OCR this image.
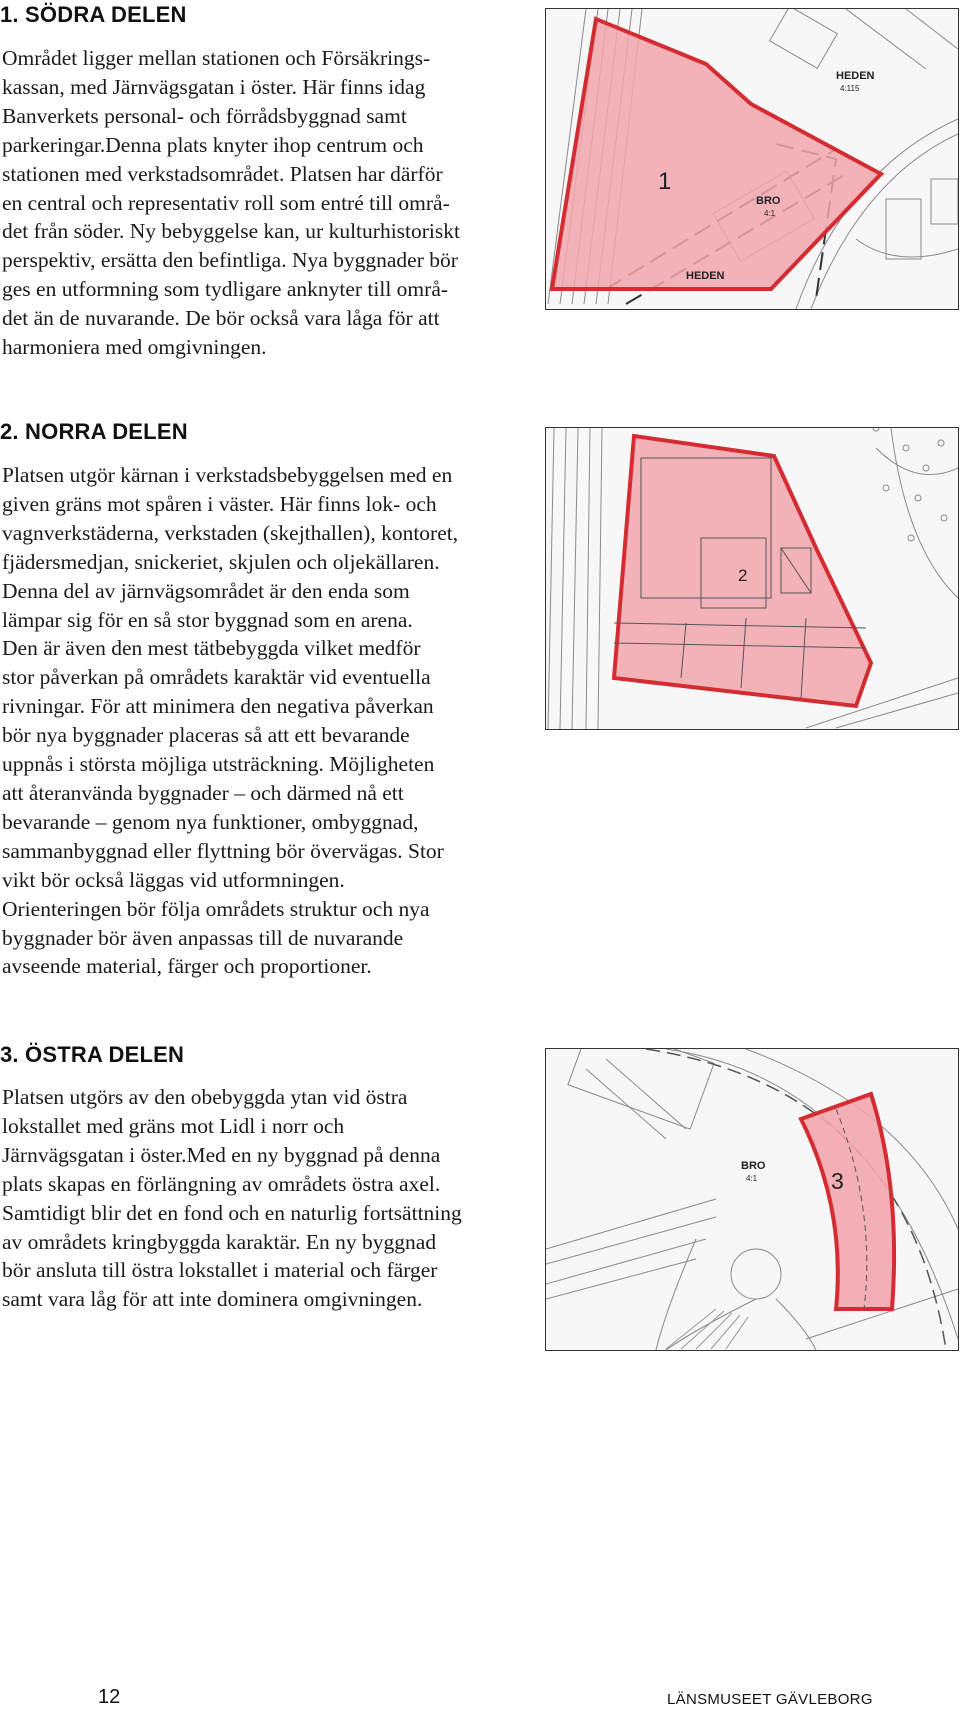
1. SÖDRA DELEN
Området ligger mellan stationen och Försäkrings-
kassan, med Järnvägsgatan i öster. Här finns idag
Banverkets personal- och förrådsbyggnad samt
parkeringar.Denna plats knyter ihop centrum och
stationen med verkstadsområdet. Platsen har därför
en central och representativ roll som entré till områ-
det från söder. Ny bebyggelse kan, ur kulturhistoriskt
perspektiv, ersätta den befintliga. Nya byggnader bör
ges en utformning som tydligare anknyter till områ-
det än de nuvarande. De bör också vara låga för att
harmoniera med omgivningen.
1
HEDEN
4:115
BRO
4:1
HEDEN
2. NORRA DELEN
Platsen utgör kärnan i verkstadsbebyggelsen med en
given gräns mot spåren i väster. Här finns lok- och
vagnverkstäderna, verkstaden (skejthallen), kontoret,
fjädersmedjan, snickeriet, skjulen och oljekällaren.
Denna del av järnvägsområdet är den enda som
lämpar sig för en så stor byggnad som en arena.
Den är även den mest tätbebyggda vilket medför
stor påverkan på områdets karaktär vid eventuella
rivningar. För att minimera den negativa påverkan
bör nya byggnader placeras så att ett bevarande
uppnås i största möjliga utsträckning. Möjligheten
att återanvända byggnader – och därmed nå ett
bevarande – genom nya funktioner, ombyggnad,
sammanbyggnad eller flyttning bör övervägas. Stor
vikt bör också läggas vid utformningen.
Orienteringen bör följa områdets struktur och nya
byggnader bör även anpassas till de nuvarande
avseende material, färger och proportioner.
2
3. ÖSTRA DELEN
Platsen utgörs av den obebyggda ytan vid östra
lokstallet med gräns mot Lidl i norr och
Järnvägsgatan i öster.Med en ny byggnad på denna
plats skapas en förlängning av områdets östra axel.
Samtidigt blir det en fond och en naturlig fortsättning
av områdets kringbyggda karaktär. En ny byggnad
bör ansluta till östra lokstallet i material och färger
samt vara låg för att inte dominera omgivningen.
3
BRO
4:1
12	LÄNSMUSEET GÄVLEBORG
